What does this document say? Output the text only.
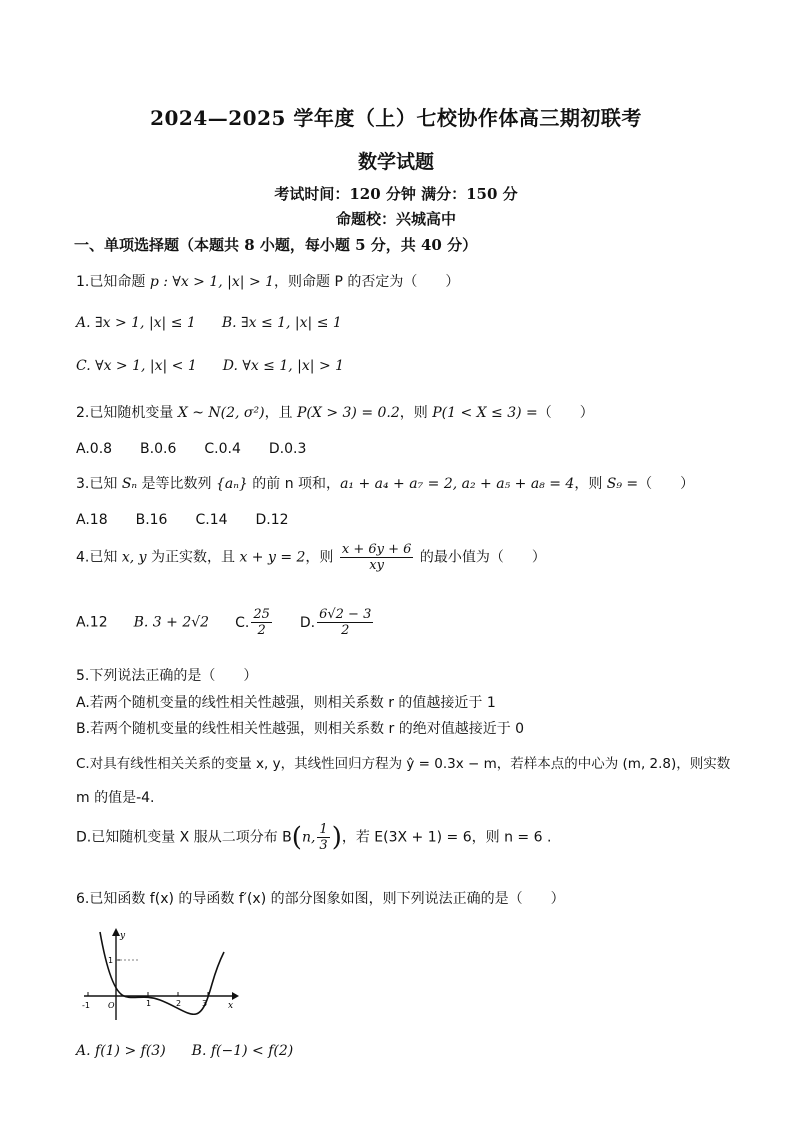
2024—2025 学年度（上）七校协作体高三期初联考
数学试题
考试时间：120 分钟 满分：150 分
命题校：兴城高中
一、单项选择题（本题共 8 小题，每小题 5 分，共 40 分）
1.已知命题 p : ∀x > 1, |x| > 1，则命题 P 的否定为（　　）
A. ∃x > 1, |x| ≤ 1 B. ∃x ≤ 1, |x| ≤ 1
C. ∀x > 1, |x| < 1 D. ∀x ≤ 1, |x| > 1
2.已知随机变量 X ~ N(2, σ²)，且 P(X > 3) = 0.2，则 P(1 < X ≤ 3) =（　　）
A.0.8　　B.0.6　　C.0.4　　D.0.3
3.已知 Sₙ 是等比数列 {aₙ} 的前 n 项和，a₁ + a₄ + a₇ = 2, a₂ + a₅ + a₈ = 4，则 S₉ =（　　）
A.18　　B.16　　C.14　　D.12
4.已知 x, y 为正实数，且 x + y = 2，则 $\frac{x + 6y + 6}{xy}$ 的最小值为（　　）
A.12 B. 3 + 2√2 C. $\frac{25}{2} D$. $\frac{6√2 - 3}{2}$
5.下列说法正确的是（　　）
A.若两个随机变量的线性相关性越强，则相关系数 r 的值越接近于 1
B.若两个随机变量的线性相关性越强，则相关系数 r 的绝对值越接近于 0
C.对具有线性相关关系的变量 x, y，其线性回归方程为 ŷ = 0.3x − m，若样本点的中心为 (m, 2.8)，则实数
m 的值是-4.
D.已知随机变量 X 服从二项分布 B(n, $\frac{1}{3}$ )，若 E(3X + 1) = 6，则 n = 6 .
6.已知函数 f(x) 的导函数 f′(x) 的部分图象如图，则下列说法正确的是（　　）
y
x
1
-1 O	1	2	3
A. f(1) > f(3) B. f(−1) < f(2)
